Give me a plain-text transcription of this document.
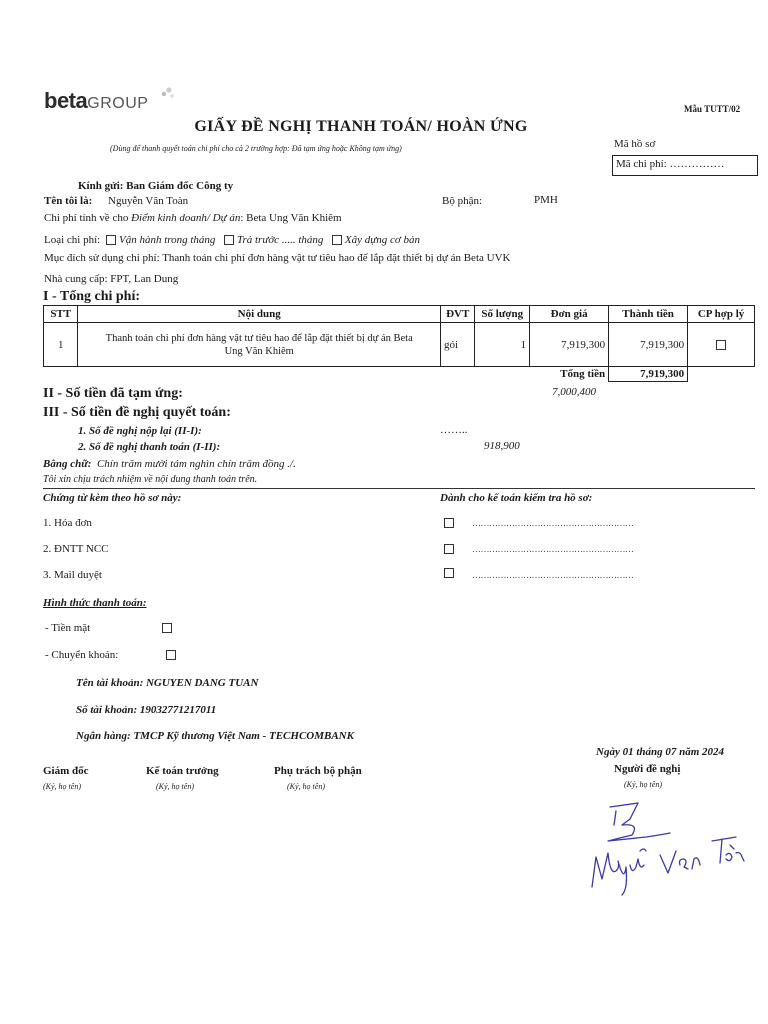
betaGROUP	Mẫu TUTT/02
GIẤY ĐỀ NGHỊ THANH TOÁN/ HOÀN ỨNG
(Dùng để thanh quyết toán chi phí cho cả 2 trường hợp: Đã tạm ứng hoặc Không tạm ứng)	Mã hồ sơ
Mã chi phí: ……………
Kính gửi: Ban Giám đốc Công ty
Tên tôi là: Nguyễn Văn Toàn	Bộ phận:	PMH
Chi phí tính về cho Điểm kinh doanh/ Dự án: Beta Ung Văn Khiêm
Loại chi phí: Vận hành trong tháng Trả trước ..... tháng Xây dựng cơ bản
Mục đích sử dụng chi phí: Thanh toán chi phí đơn hàng vật tư tiêu hao để lắp đặt thiết bị dự án Beta UVK
Nhà cung cấp: FPT, Lan Dung
I - Tổng chi phí:
STT	Nội dung	ĐVT	Số lượng	Đơn giá	Thành tiền	CP hợp lý
1	Thanh toán chi phí đơn hàng vật tư tiêu hao để lắp đặt thiết bị dự án Beta
Ung Văn Khiêm	gói	1	7,919,300	7,919,300	
Tổng tiền					7,919,300	
II - Số tiền đã tạm ứng:	7,000,400
III - Số tiền đề nghị quyết toán:
1. Số đề nghị nộp lại (II-I):	……..
2. Số đề nghị thanh toán (I-II):	918,900
Bằng chữ: Chín trăm mười tám nghìn chín trăm đồng ./.
Tôi xin chịu trách nhiệm về nội dung thanh toán trên.
Chứng từ kèm theo hồ sơ này:	Dành cho kế toán kiểm tra hồ sơ:
1. Hóa đơn	…………………………………………………
2. ĐNTT NCC	…………………………………………………
3. Mail duyệt	…………………………………………………
Hình thức thanh toán:
- Tiền mặt
- Chuyển khoản:
Tên tài khoản: NGUYEN DANG TUAN
Số tài khoản: 19032771217011
Ngân hàng: TMCP Kỹ thương Việt Nam - TECHCOMBANK
Ngày 01 tháng 07 năm 2024
Giám đốc
(Ký, họ tên)
Kế toán trưởng
(Ký, họ tên)
Phụ trách bộ phận
(Ký, họ tên)
Người đề nghị
(Ký, họ tên)
